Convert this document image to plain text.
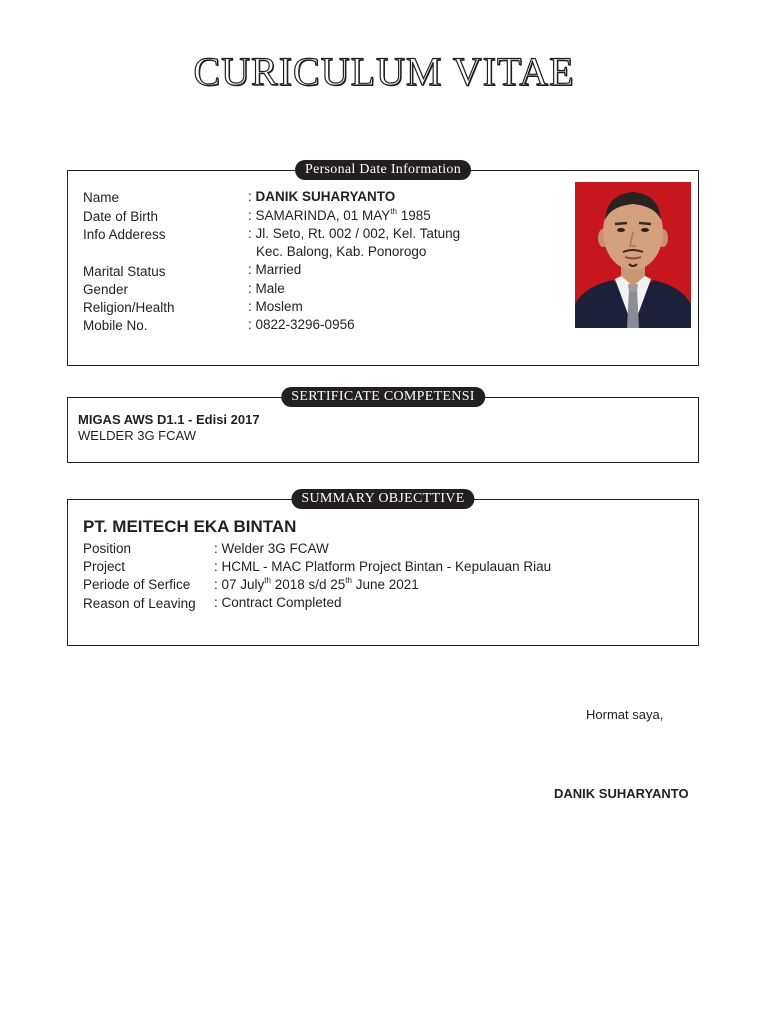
CURICULUM VITAE
Personal Date Information
Name	: DANIK SUHARYANTO
Date of Birth	: SAMARINDA, 01 $MAY^{th}$ 1985
Info Adderess	: Jl. Seto, Rt. 002 / 002, Kel. Tatung
Kec. Balong, Kab. Ponorogo
Marital Status	: Married
Gender	: Male
Religion/Health	: Moslem
Mobile No.	: 0822-3296-0956
SERTIFICATE COMPETENSI
MIGAS AWS D1.1 - Edisi 2017
WELDER 3G FCAW
SUMMARY OBJECTTIVE
PT. MEITECH EKA BINTAN
Position	: Welder 3G FCAW
Project	: HCML - MAC Platform Project Bintan - Kepulauan Riau
Periode of Serfice : 07 July$^{th}$ 2018 s/d 25th June 2021
Reason of Leaving : Contract Completed
Hormat saya,
DANIK SUHARYANTO
